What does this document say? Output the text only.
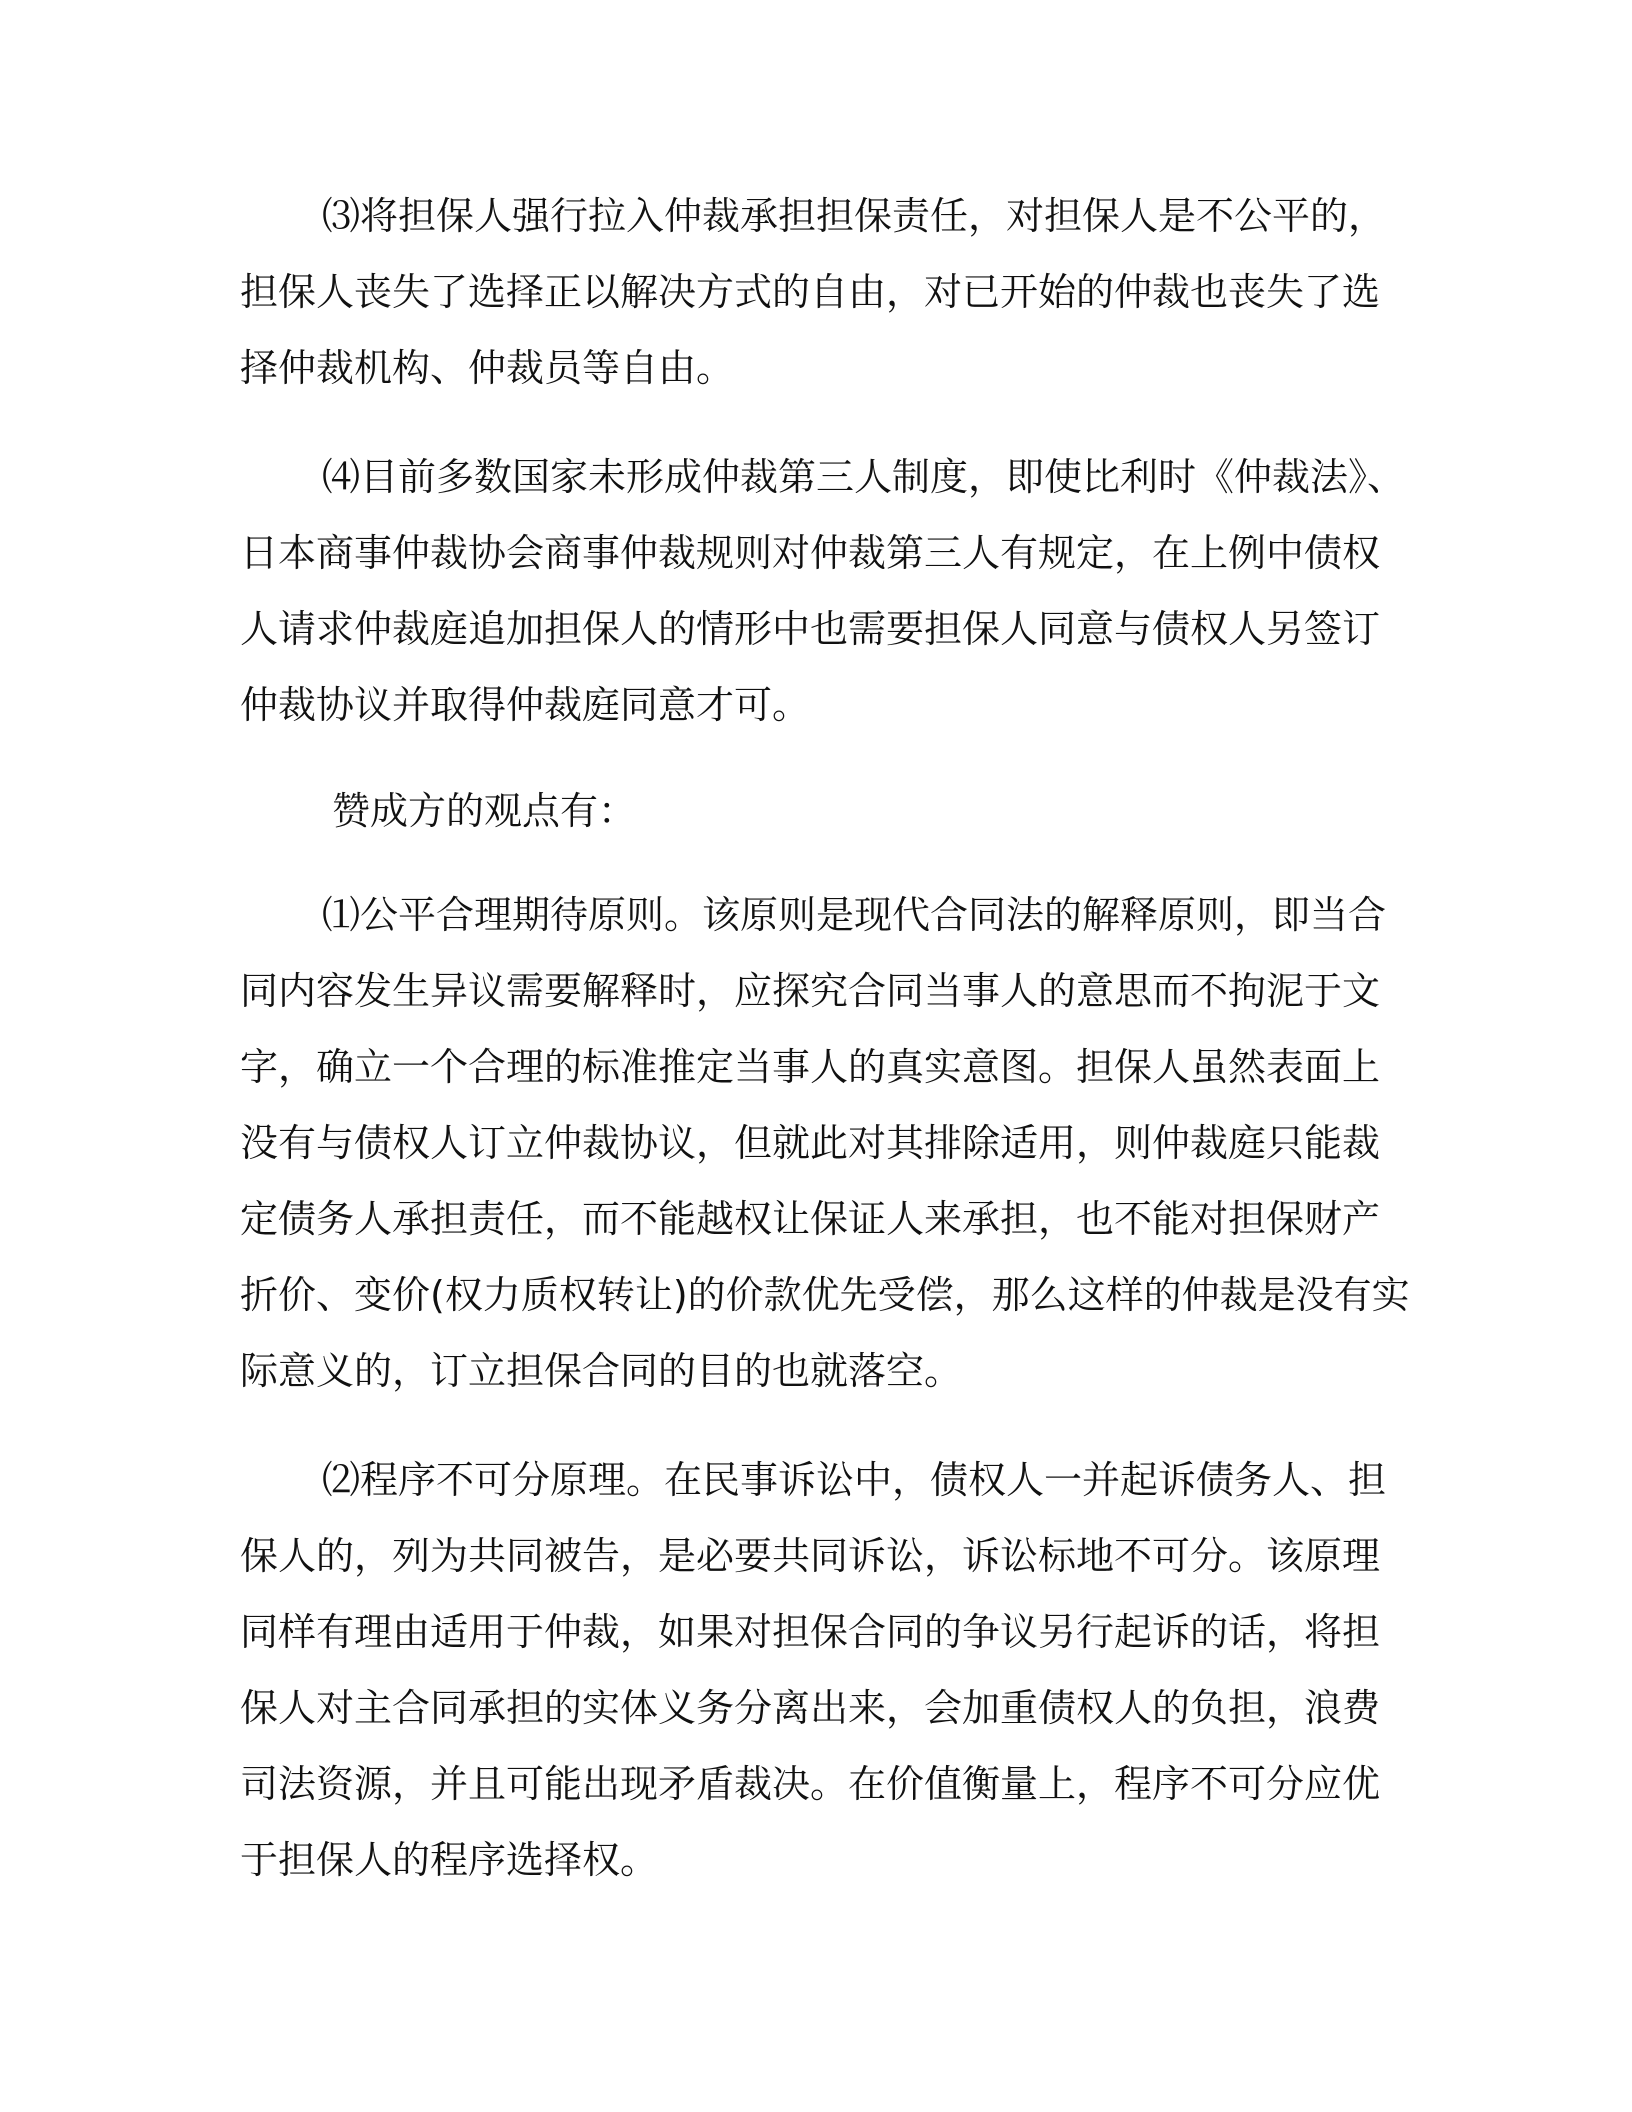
⑶将担保人强行拉入仲裁承担担保责任，对担保人是不公平的，

担保人丧失了选择正以解决方式的自由，对已开始的仲裁也丧失了选

择仲裁机构、仲裁员等自由。

⑷目前多数国家未形成仲裁第三人制度，即使比利时《仲裁法》、

日本商事仲裁协会商事仲裁规则对仲裁第三人有规定，在上例中债权

人请求仲裁庭追加担保人的情形中也需要担保人同意与债权人另签订

仲裁协议并取得仲裁庭同意才可。

赞成方的观点有：

⑴公平合理期待原则。该原则是现代合同法的解释原则，即当合

同内容发生异议需要解释时，应探究合同当事人的意思而不拘泥于文

字，确立一个合理的标准推定当事人的真实意图。担保人虽然表面上

没有与债权人订立仲裁协议，但就此对其排除适用，则仲裁庭只能裁

定债务人承担责任，而不能越权让保证人来承担，也不能对担保财产

折价、变价(权力质权转让)的价款优先受偿，那么这样的仲裁是没有实

际意义的，订立担保合同的目的也就落空。

⑵程序不可分原理。在民事诉讼中，债权人一并起诉债务人、担

保人的，列为共同被告，是必要共同诉讼，诉讼标地不可分。该原理

同样有理由适用于仲裁，如果对担保合同的争议另行起诉的话，将担

保人对主合同承担的实体义务分离出来，会加重债权人的负担，浪费

司法资源，并且可能出现矛盾裁决。在价值衡量上，程序不可分应优

于担保人的程序选择权。
